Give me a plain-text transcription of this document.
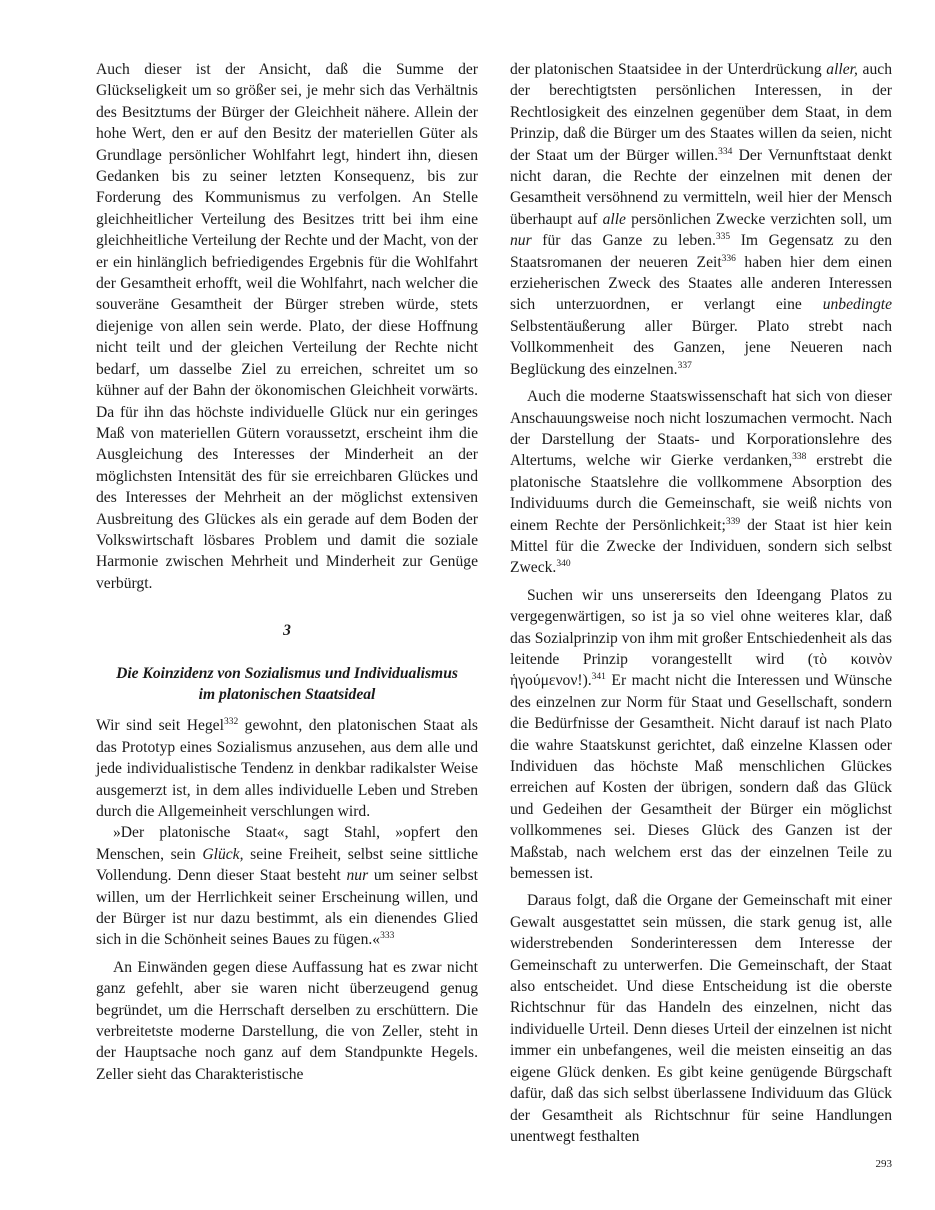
Auch dieser ist der Ansicht, daß die Summe der Glückseligkeit um so größer sei, je mehr sich das Verhältnis des Besitztums der Bürger der Gleichheit nähere. Allein der hohe Wert, den er auf den Besitz der materiellen Güter als Grundlage persönlicher Wohlfahrt legt, hindert ihn, diesen Gedanken bis zu seiner letzten Konsequenz, bis zur Forderung des Kommunismus zu verfolgen. An Stelle gleichheitlicher Verteilung des Besitzes tritt bei ihm eine gleichheitliche Verteilung der Rechte und der Macht, von der er ein hinlänglich befriedigendes Ergebnis für die Wohlfahrt der Gesamtheit erhofft, weil die Wohlfahrt, nach welcher die souveräne Gesamtheit der Bürger streben würde, stets diejenige von allen sein werde. Plato, der diese Hoffnung nicht teilt und der gleichen Verteilung der Rechte nicht bedarf, um dasselbe Ziel zu erreichen, schreitet um so kühner auf der Bahn der ökonomischen Gleichheit vorwärts. Da für ihn das höchste individuelle Glück nur ein geringes Maß von materiellen Gütern voraussetzt, erscheint ihm die Ausgleichung des Interesses der Minderheit an der möglichsten Intensität des für sie erreichbaren Glückes und des Interesses der Mehrheit an der möglichst extensiven Ausbreitung des Glückes als ein gerade auf dem Boden der Volkswirtschaft lösbares Problem und damit die soziale Harmonie zwischen Mehrheit und Minderheit zur Genüge verbürgt.

3
Die Koinzidenz von Sozialismus und Individualismus
im platonischen Staatsideal

Wir sind seit Hegel$^{332}$ gewohnt, den platonischen Staat als das Prototyp eines Sozialismus anzusehen, aus dem alle und jede individualistische Tendenz in denkbar radikalster Weise ausgemerzt ist, in dem alles individuelle Leben und Streben durch die Allgemeinheit verschlungen wird.

»Der platonische Staat«, sagt Stahl, »opfert den Menschen, sein Glück, seine Freiheit, selbst seine sittliche Vollendung. Denn dieser Staat besteht nur um seiner selbst willen, um der Herrlichkeit seiner Erscheinung willen, und der Bürger ist nur dazu bestimmt, als ein dienendes Glied sich in die Schönheit seines Baues zu fügen.«$^{333}$

An Einwänden gegen diese Auffassung hat es zwar nicht ganz gefehlt, aber sie waren nicht überzeugend genug begründet, um die Herrschaft derselben zu erschüttern. Die verbreitetste moderne Darstellung, die von Zeller, steht in der Hauptsache noch ganz auf dem Standpunkte Hegels. Zeller sieht das Charakteristische

der platonischen Staatsidee in der Unterdrückung aller, auch der berechtigtsten persönlichen Interessen, in der Rechtlosigkeit des einzelnen gegenüber dem Staat, in dem Prinzip, daß die Bürger um des Staates willen da seien, nicht der Staat um der Bürger willen.$^{334}$ Der Vernunftstaat denkt nicht daran, die Rechte der einzelnen mit denen der Gesamtheit versöhnend zu vermitteln, weil hier der Mensch überhaupt auf alle persönlichen Zwecke verzichten soll, um nur für das Ganze zu leben.$^{335}$ Im Gegensatz zu den Staatsromanen der neueren Zeit$^{336}$ haben hier dem einen erzieherischen Zweck des Staates alle anderen Interessen sich unterzuordnen, er verlangt eine unbedingte Selbstentäußerung aller Bürger. Plato strebt nach Vollkommenheit des Ganzen, jene Neueren nach Beglückung des einzelnen.$^{337}$

Auch die moderne Staatswissenschaft hat sich von dieser Anschauungsweise noch nicht loszumachen vermocht. Nach der Darstellung der Staats- und Korporationslehre des Altertums, welche wir Gierke verdanken,$^{338}$ erstrebt die platonische Staatslehre die vollkommene Absorption des Individuums durch die Gemeinschaft, sie weiß nichts von einem Rechte der Persönlichkeit;$^{339}$ der Staat ist hier kein Mittel für die Zwecke der Individuen, sondern sich selbst Zweck.$^{340}$

Suchen wir uns unsererseits den Ideengang Platos zu vergegenwärtigen, so ist ja so viel ohne weiteres klar, daß das Sozialprinzip von ihm mit großer Entschiedenheit als das leitende Prinzip vorangestellt wird (τὸ κοινὸν ἡγούμενον!).$^{341}$ Er macht nicht die Interessen und Wünsche des einzelnen zur Norm für Staat und Gesellschaft, sondern die Bedürfnisse der Gesamtheit. Nicht darauf ist nach Plato die wahre Staatskunst gerichtet, daß einzelne Klassen oder Individuen das höchste Maß menschlichen Glückes erreichen auf Kosten der übrigen, sondern daß das Glück und Gedeihen der Gesamtheit der Bürger ein möglichst vollkommenes sei. Dieses Glück des Ganzen ist der Maßstab, nach welchem erst das der einzelnen Teile zu bemessen ist.

Daraus folgt, daß die Organe der Gemeinschaft mit einer Gewalt ausgestattet sein müssen, die stark genug ist, alle widerstrebenden Sonderinteressen dem Interesse der Gemeinschaft zu unterwerfen. Die Gemeinschaft, der Staat also entscheidet. Und diese Entscheidung ist die oberste Richtschnur für das Handeln des einzelnen, nicht das individuelle Urteil. Denn dieses Urteil der einzelnen ist nicht immer ein unbefangenes, weil die meisten einseitig an das eigene Glück denken. Es gibt keine genügende Bürgschaft dafür, daß das sich selbst überlassene Individuum das Glück der Gesamtheit als Richtschnur für seine Handlungen unentwegt festhalten

293
